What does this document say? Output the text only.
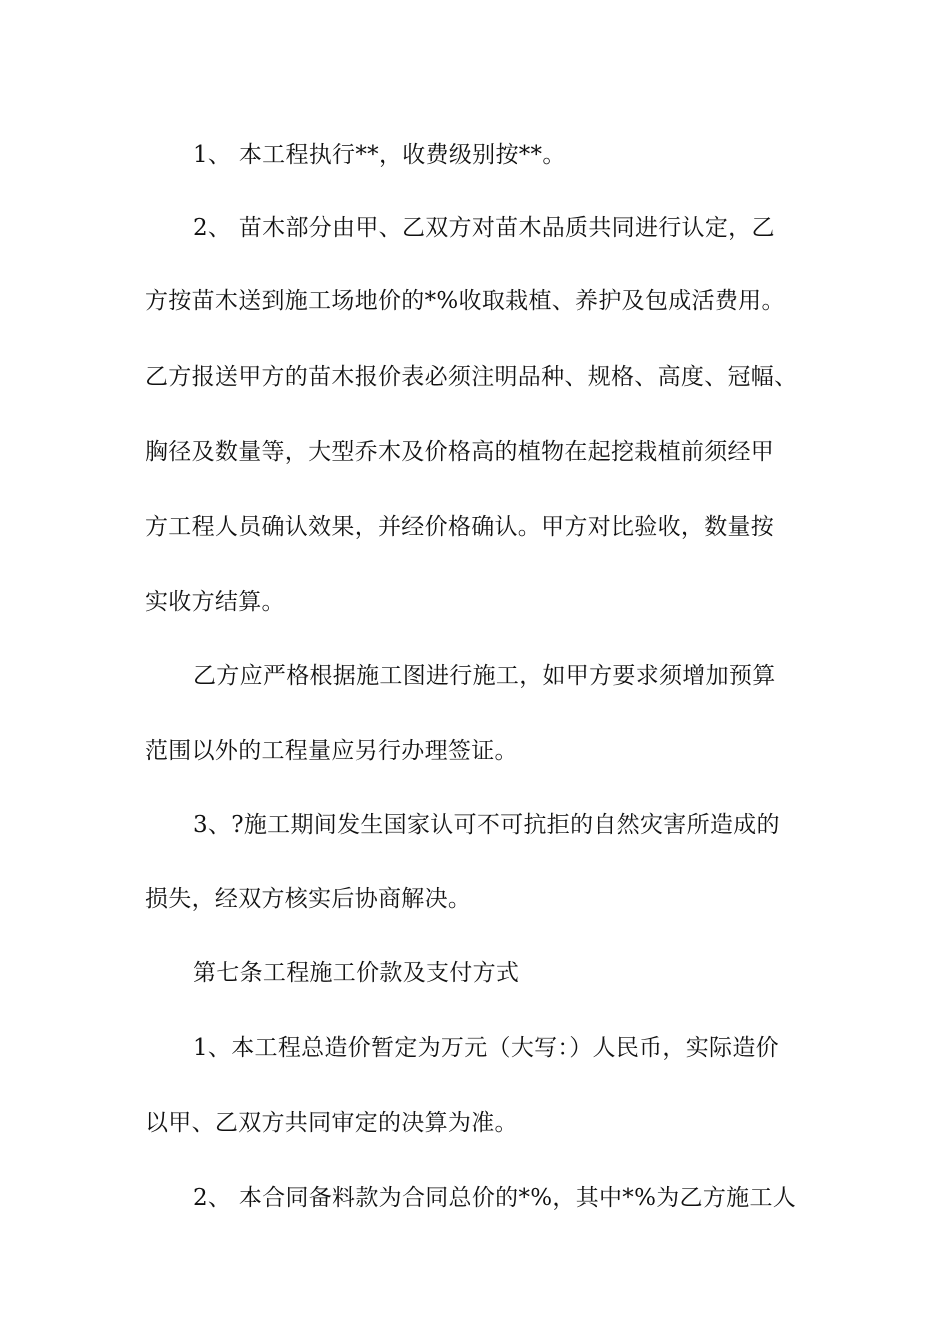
1、 本工程执行**，收费级别按**。

2、 苗木部分由甲、乙双方对苗木品质共同进行认定，乙

方按苗木送到施工场地价的*%收取栽植、养护及包成活费用。

乙方报送甲方的苗木报价表必须注明品种、规格、高度、冠幅、

胸径及数量等，大型乔木及价格高的植物在起挖栽植前须经甲

方工程人员确认效果，并经价格确认。甲方对比验收，数量按

实收方结算。

乙方应严格根据施工图进行施工，如甲方要求须增加预算

范围以外的工程量应另行办理签证。

3、?施工期间发生国家认可不可抗拒的自然灾害所造成的

损失，经双方核实后协商解决。

第七条工程施工价款及支付方式

1、本工程总造价暂定为万元（大写：）人民币，实际造价

以甲、乙双方共同审定的决算为准。

2、 本合同备料款为合同总价的*%，其中*%为乙方施工人
